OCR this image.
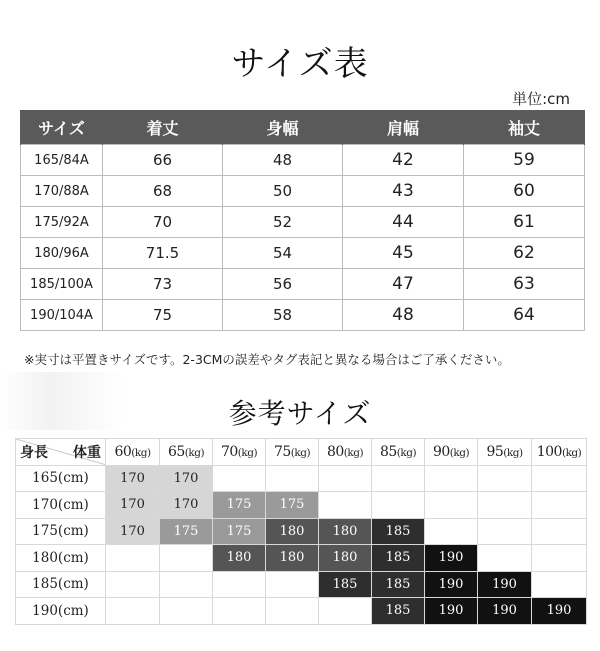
サイズ表
単位:cm
サイズ	着丈	身幅	肩幅	袖丈
165/84A	66	48	42	59
170/88A	68	50	43	60
175/92A	70	52	44	61
180/96A	71.5	54	45	62
185/100A	73	56	47	63
190/104A	75	58	48	64
※実寸は平置きサイズです。2-3CMの誤差やタグ表記と異なる場合はご了承ください。
参考サイズ
体重
身長	60(kg)	65(kg)	70(kg)	75(kg)	80(kg)	85(kg)	90(kg)	95(kg)	100(kg)
165(cm)	170	170							
170(cm)	170	170	175	175					
175(cm)	170	175	175	180	180	185			
180(cm)			180	180	180	185	190		
185(cm)					185	185	190	190	
190(cm)						185	190	190	190
